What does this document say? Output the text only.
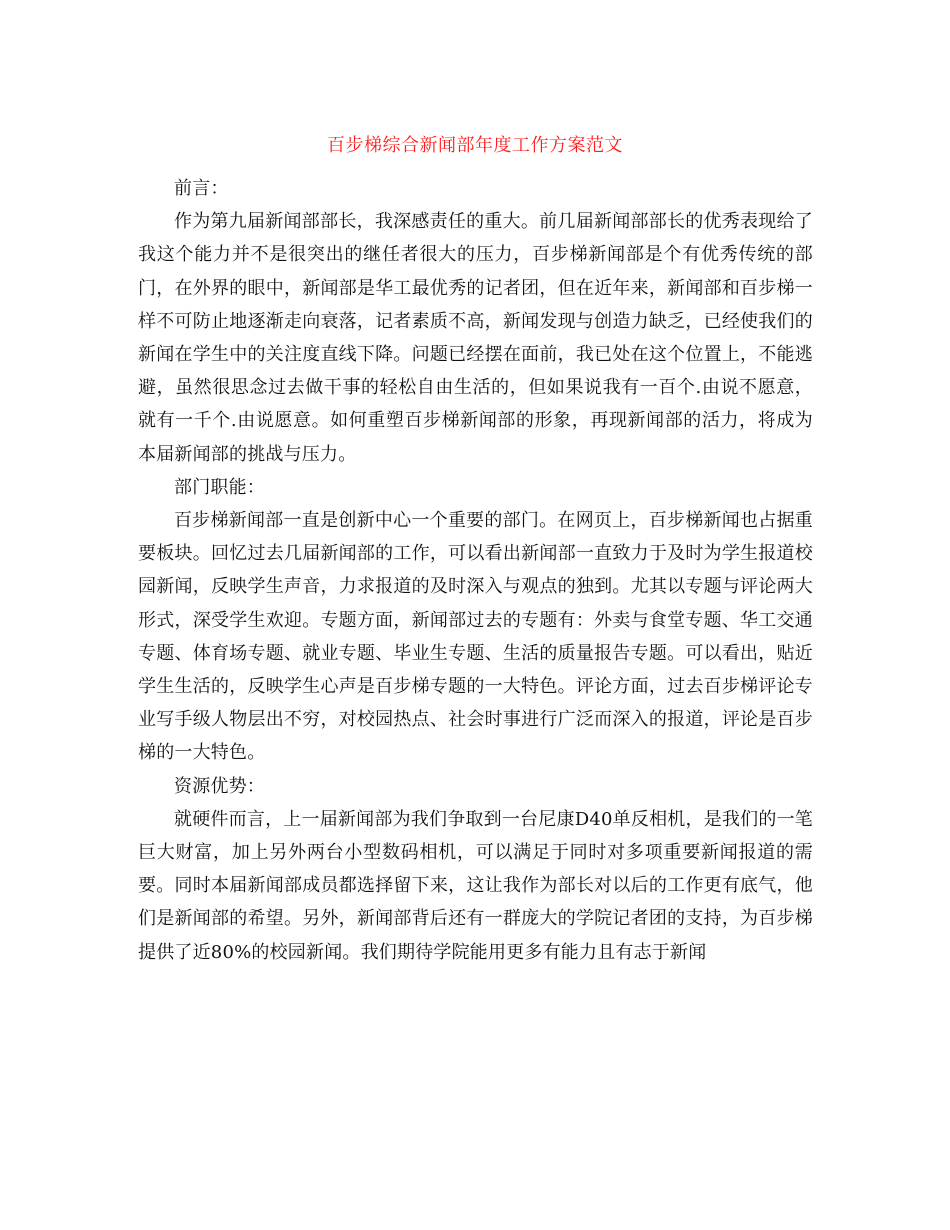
百步梯综合新闻部年度工作方案范文

前言：

作为第九届新闻部部长，我深感责任的重大。前几届新闻部部长的优秀表现给了我这个能力并不是很突出的继任者很大的压力，百步梯新闻部是个有优秀传统的部门，在外界的眼中，新闻部是华工最优秀的记者团，但在近年来，新闻部和百步梯一样不可防止地逐渐走向衰落，记者素质不高，新闻发现与创造力缺乏，已经使我们的新闻在学生中的关注度直线下降。问题已经摆在面前，我已处在这个位置上，不能逃避，虽然很思念过去做干事的轻松自由生活的，但如果说我有一百个.由说不愿意，就有一千个.由说愿意。如何重塑百步梯新闻部的形象，再现新闻部的活力，将成为本届新闻部的挑战与压力。

部门职能：

百步梯新闻部一直是创新中心一个重要的部门。在网页上，百步梯新闻也占据重要板块。回忆过去几届新闻部的工作，可以看出新闻部一直致力于及时为学生报道校园新闻，反映学生声音，力求报道的及时深入与观点的独到。尤其以专题与评论两大形式，深受学生欢迎。专题方面，新闻部过去的专题有：外卖与食堂专题、华工交通专题、体育场专题、就业专题、毕业生专题、生活的质量报告专题。可以看出，贴近学生生活的，反映学生心声是百步梯专题的一大特色。评论方面，过去百步梯评论专业写手级人物层出不穷，对校园热点、社会时事进行广泛而深入的报道，评论是百步梯的一大特色。

资源优势：

就硬件而言，上一届新闻部为我们争取到一台尼康D40单反相机，是我们的一笔巨大财富，加上另外两台小型数码相机，可以满足于同时对多项重要新闻报道的需要。同时本届新闻部成员都选择留下来，这让我作为部长对以后的工作更有底气，他们是新闻部的希望。另外，新闻部背后还有一群庞大的学院记者团的支持，为百步梯提供了近80%的校园新闻。我们期待学院能用更多有能力且有志于新闻
